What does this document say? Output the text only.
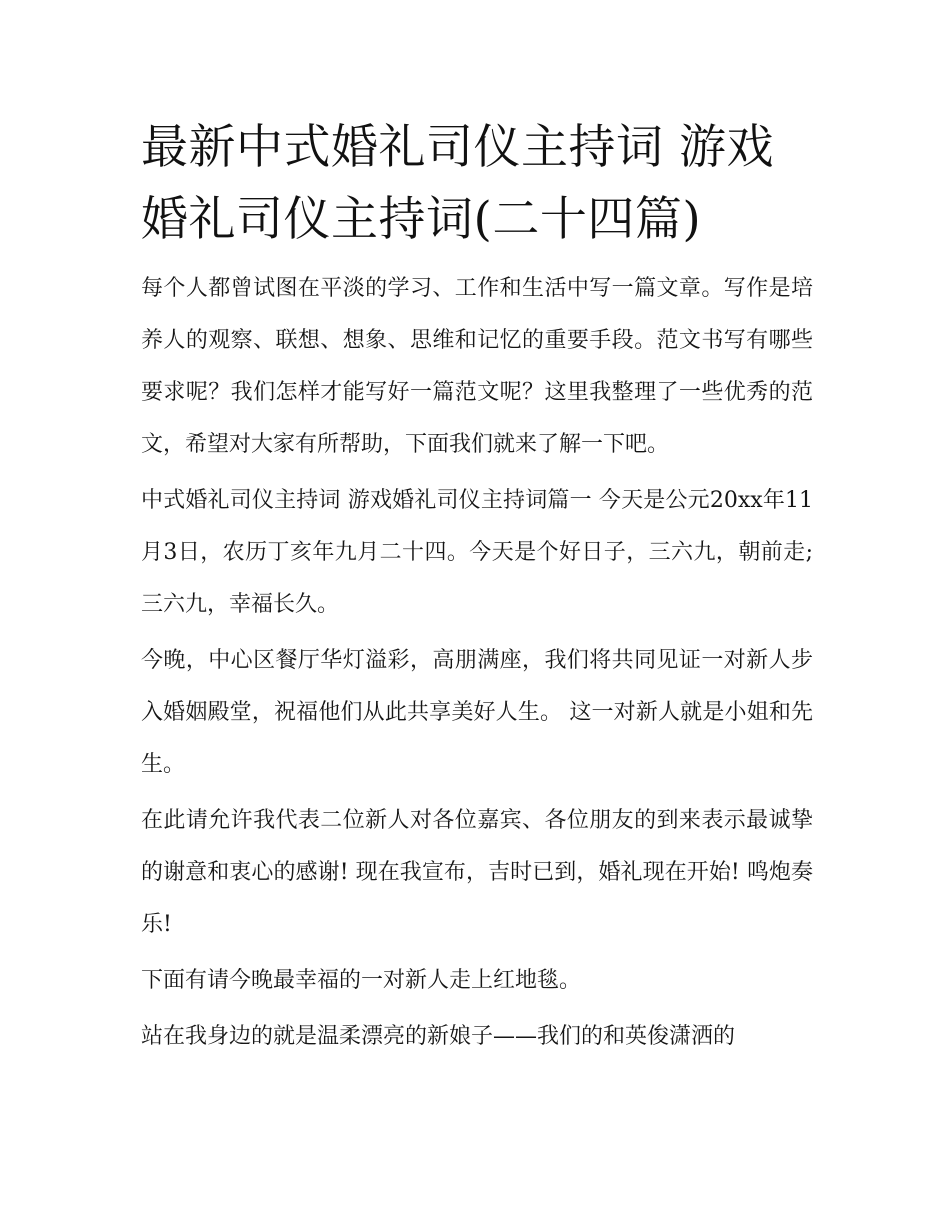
最新中式婚礼司仪主持词 游戏婚礼司仪主持词(二十四篇)

每个人都曾试图在平淡的学习、工作和生活中写一篇文章。写作是培养人的观察、联想、想象、思维和记忆的重要手段。范文书写有哪些要求呢？我们怎样才能写好一篇范文呢？这里我整理了一些优秀的范文，希望对大家有所帮助，下面我们就来了解一下吧。

中式婚礼司仪主持词 游戏婚礼司仪主持词篇一 今天是公元20xx年11月3日，农历丁亥年九月二十四。今天是个好日子，三六九，朝前走;三六九，幸福长久。

今晚，中心区餐厅华灯溢彩，高朋满座，我们将共同见证一对新人步入婚姻殿堂，祝福他们从此共享美好人生。 这一对新人就是小姐和先生。

在此请允许我代表二位新人对各位嘉宾、各位朋友的到来表示最诚挚的谢意和衷心的感谢! 现在我宣布，吉时已到，婚礼现在开始! 鸣炮奏乐!

下面有请今晚最幸福的一对新人走上红地毯。

站在我身边的就是温柔漂亮的新娘子——我们的和英俊潇洒的
